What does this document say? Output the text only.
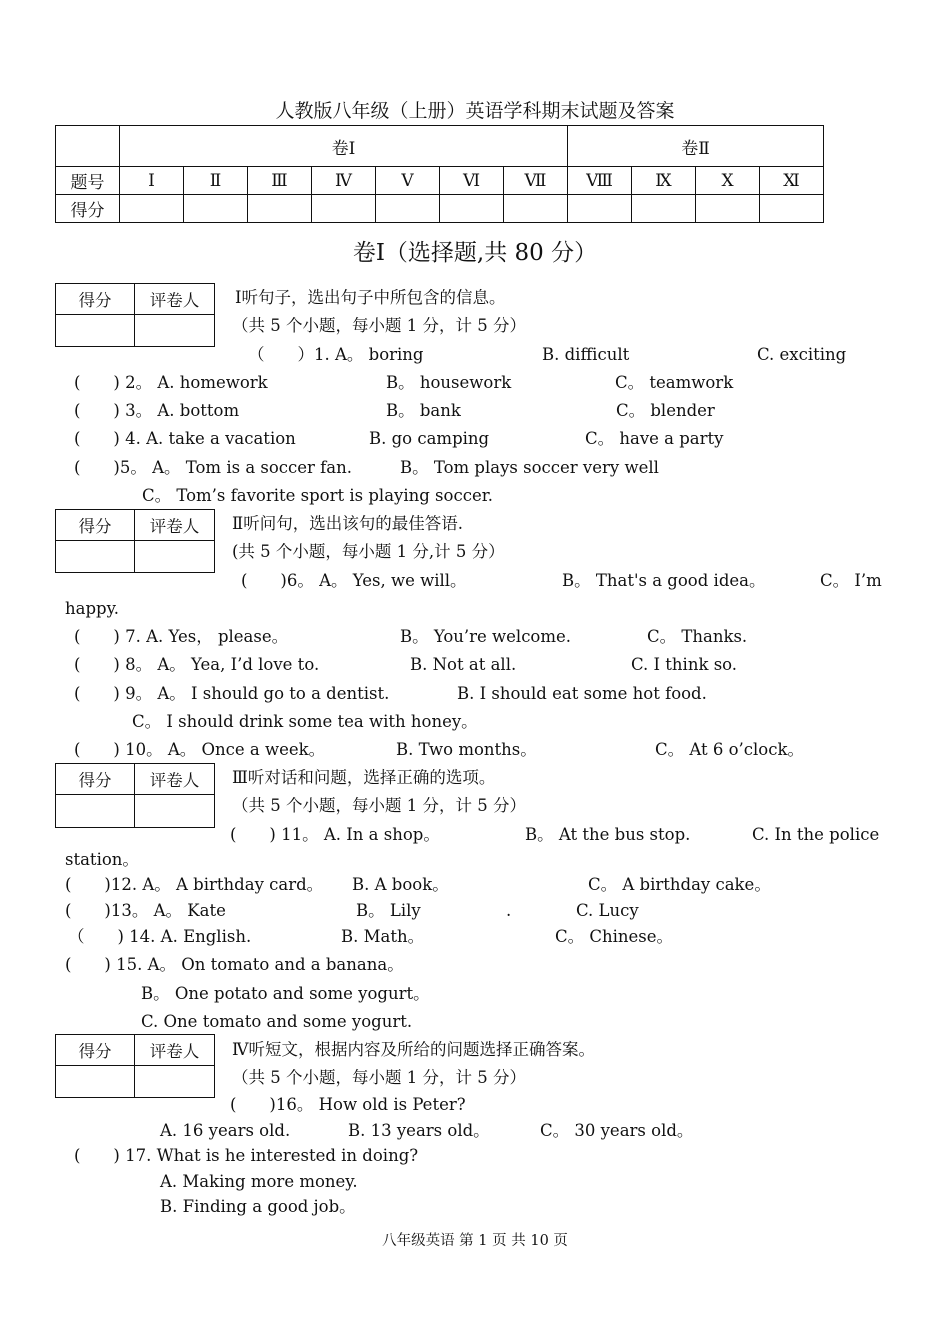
人教版八年级（上册）英语学科期末试题及答案
	卷Ⅰ							卷Ⅱ			
题号	Ⅰ	Ⅱ	Ⅲ	Ⅳ	Ⅴ	Ⅵ	Ⅶ	Ⅷ	Ⅸ	Ⅹ	Ⅺ
得分											
卷Ⅰ（选择题,共 80 分）
得分	评卷人

得分	评卷人

得分	评卷人

得分	评卷人

Ⅰ听句子，选出句子中所包含的信息。
（共 5 个小题，每小题 1 分，计 5 分）
Ⅱ听问句，选出该句的最佳答语.
(共 5 个小题，每小题 1 分,计 5 分）
Ⅲ听对话和问题，选择正确的选项。
（共 5 个小题，每小题 1 分，计 5 分）
Ⅳ听短文，根据内容及所给的问题选择正确答案。
（共 5 个小题，每小题 1 分，计 5 分）
（　　）1. A。 boring	B. difficult	C. exciting
(　　) 2。 A. homework	B。 housework	C。 teamwork
(　　) 3。 A. bottom	B。 bank	C。 blender
(　　) 4. A. take a vacation	B. go camping	C。 have a party
(　　)5。 A。 Tom is a soccer fan.	B。 Tom plays soccer very well
C。 Tom’s favorite sport is playing soccer.
(　　)6。 A。 Yes, we will。	B。 That's a good idea。	C。 I’m
happy.
(　　) 7. A. Yes， please。	B。 You’re welcome.	C。 Thanks.
(　　) 8。 A。 Yea, I’d love to.	B. Not at all.	C. I think so.
(　　) 9。 A。 I should go to a dentist.	B. I should eat some hot food.
C。 I should drink some tea with honey。
(　　) 10。 A。 Once a week。	B. Two months。	C。 At 6 o’clock。
(　　) 11。 A. In a shop。	B。 At the bus stop.	C. In the police
station。
(　　)12. A。 A birthday card。 B. A book。	C。 A birthday cake。
(　　)13。 A。 Kate	B。 Lily	.	C. Lucy
（　　) 14. A. English.	B. Math。	C。 Chinese。
(　　) 15. A。 On tomato and a banana。
B。 One potato and some yogurt。
C. One tomato and some yogurt.
(　　)16。 How old is Peter?
A. 16 years old.	B. 13 years old。	C。 30 years old。
(　　) 17. What is he interested in doing?
A. Making more money.
B. Finding a good job。
八年级英语 第 1 页 共 10 页
